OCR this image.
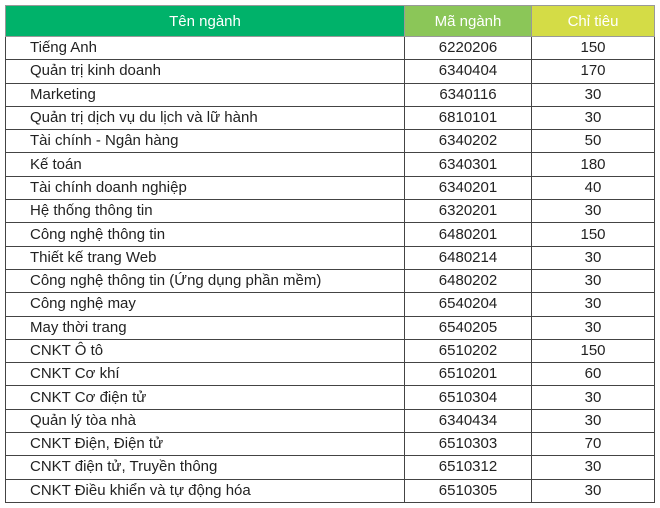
Tên ngành	Mã ngành	Chỉ tiêu
Tiếng Anh	6220206	150
Quản trị kinh doanh	6340404	170
Marketing	6340116	30
Quản trị dịch vụ du lịch và lữ hành	6810101	30
Tài chính - Ngân hàng	6340202	50
Kế toán	6340301	180
Tài chính doanh nghiệp	6340201	40
Hệ thống thông tin	6320201	30
Công nghệ thông tin	6480201	150
Thiết kế trang Web	6480214	30
Công nghệ thông tin (Ứng dụng phần mềm)	6480202	30
Công nghệ may	6540204	30
May thời trang	6540205	30
CNKT Ô tô	6510202	150
CNKT Cơ khí	6510201	60
CNKT Cơ điện tử	6510304	30
Quản lý tòa nhà	6340434	30
CNKT Điện, Điện tử	6510303	70
CNKT điện tử, Truyền thông	6510312	30
CNKT Điều khiển và tự động hóa	6510305	30
